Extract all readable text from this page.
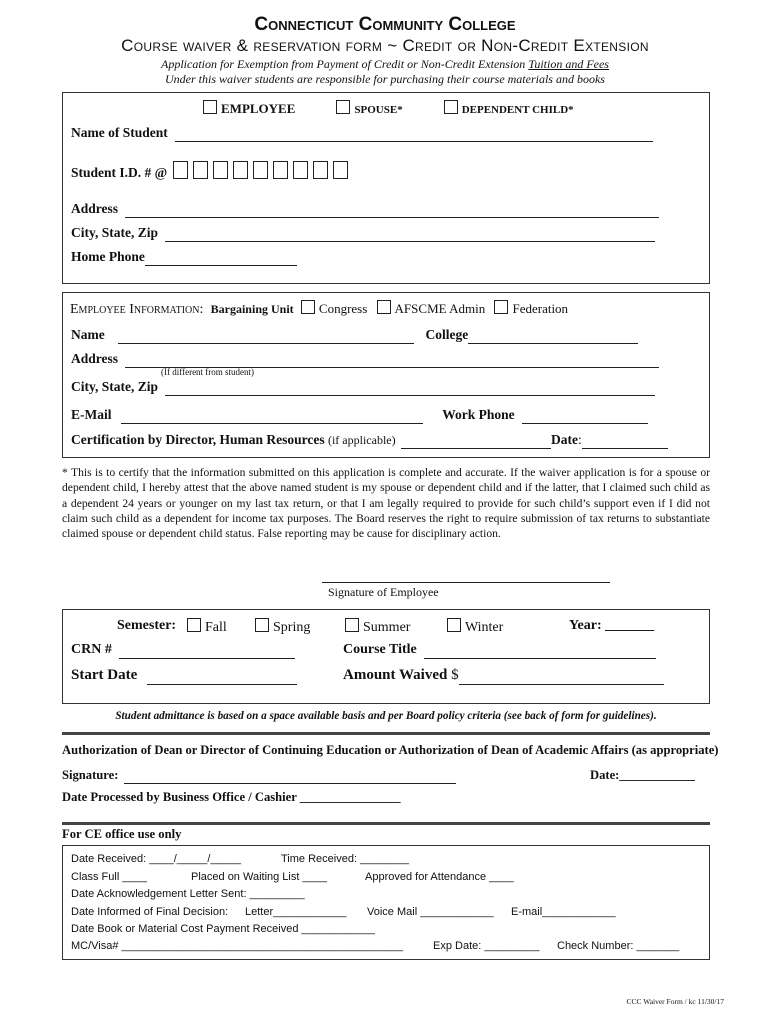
Connecticut Community College
Course waiver & reservation form ~ Credit or Non-Credit Extension
Application for Exemption from Payment of Credit or Non-Credit Extension Tuition and Fees
Under this waiver students are responsible for purchasing their course materials and books
EMPLOYEE	SPOUSE*	DEPENDENT CHILD*
Name of Student
Student I.D. # @
Address
City, State, Zip
Home Phone
Employee Information: Bargaining Unit Congress AFSCME Admin Federation
Name	College
Address
(If different from student)
City, State, Zip
E-Mail	Work Phone
Certification by Director, Human Resources (if applicable)	Date:
* This is to certify that the information submitted on this application is complete and accurate. If the waiver application is for a spouse or dependent child, I hereby attest that the above named student is my spouse or dependent child and if the latter, that I claimed such child as a dependent 24 years or younger on my last tax return, or that I am legally required to provide for such child’s support even if I did not claim such child as a dependent for income tax purposes. The Board reserves the right to require submission of tax returns to substantiate claimed spouse or dependent child status. False reporting may be cause for disciplinary action.
Signature of Employee
Semester:	Fall	Spring	Summer	Winter	Year: _______
CRN #	Course Title
Start Date	Amount Waived $
Student admittance is based on a space available basis and per Board policy criteria (see back of form for guidelines).
Authorization of Dean or Director of Continuing Education or Authorization of Dean of Academic Affairs (as appropriate)
Signature:	Date:____________
Date Processed by Business Office / Cashier ________________
For CE office use only
Date Received: ____/_____/_____	Time Received: ________
Class Full ____	Placed on Waiting List ____	Approved for Attendance ____
Date Acknowledgement Letter Sent: _________
Date Informed of Final Decision: Letter____________ Voice Mail ____________ E-mail____________
Date Book or Material Cost Payment Received ____________
MC/Visa# ______________________________________________	Exp Date: _________ Check Number: _______
CCC Waiver Form / kc 11/30/17
